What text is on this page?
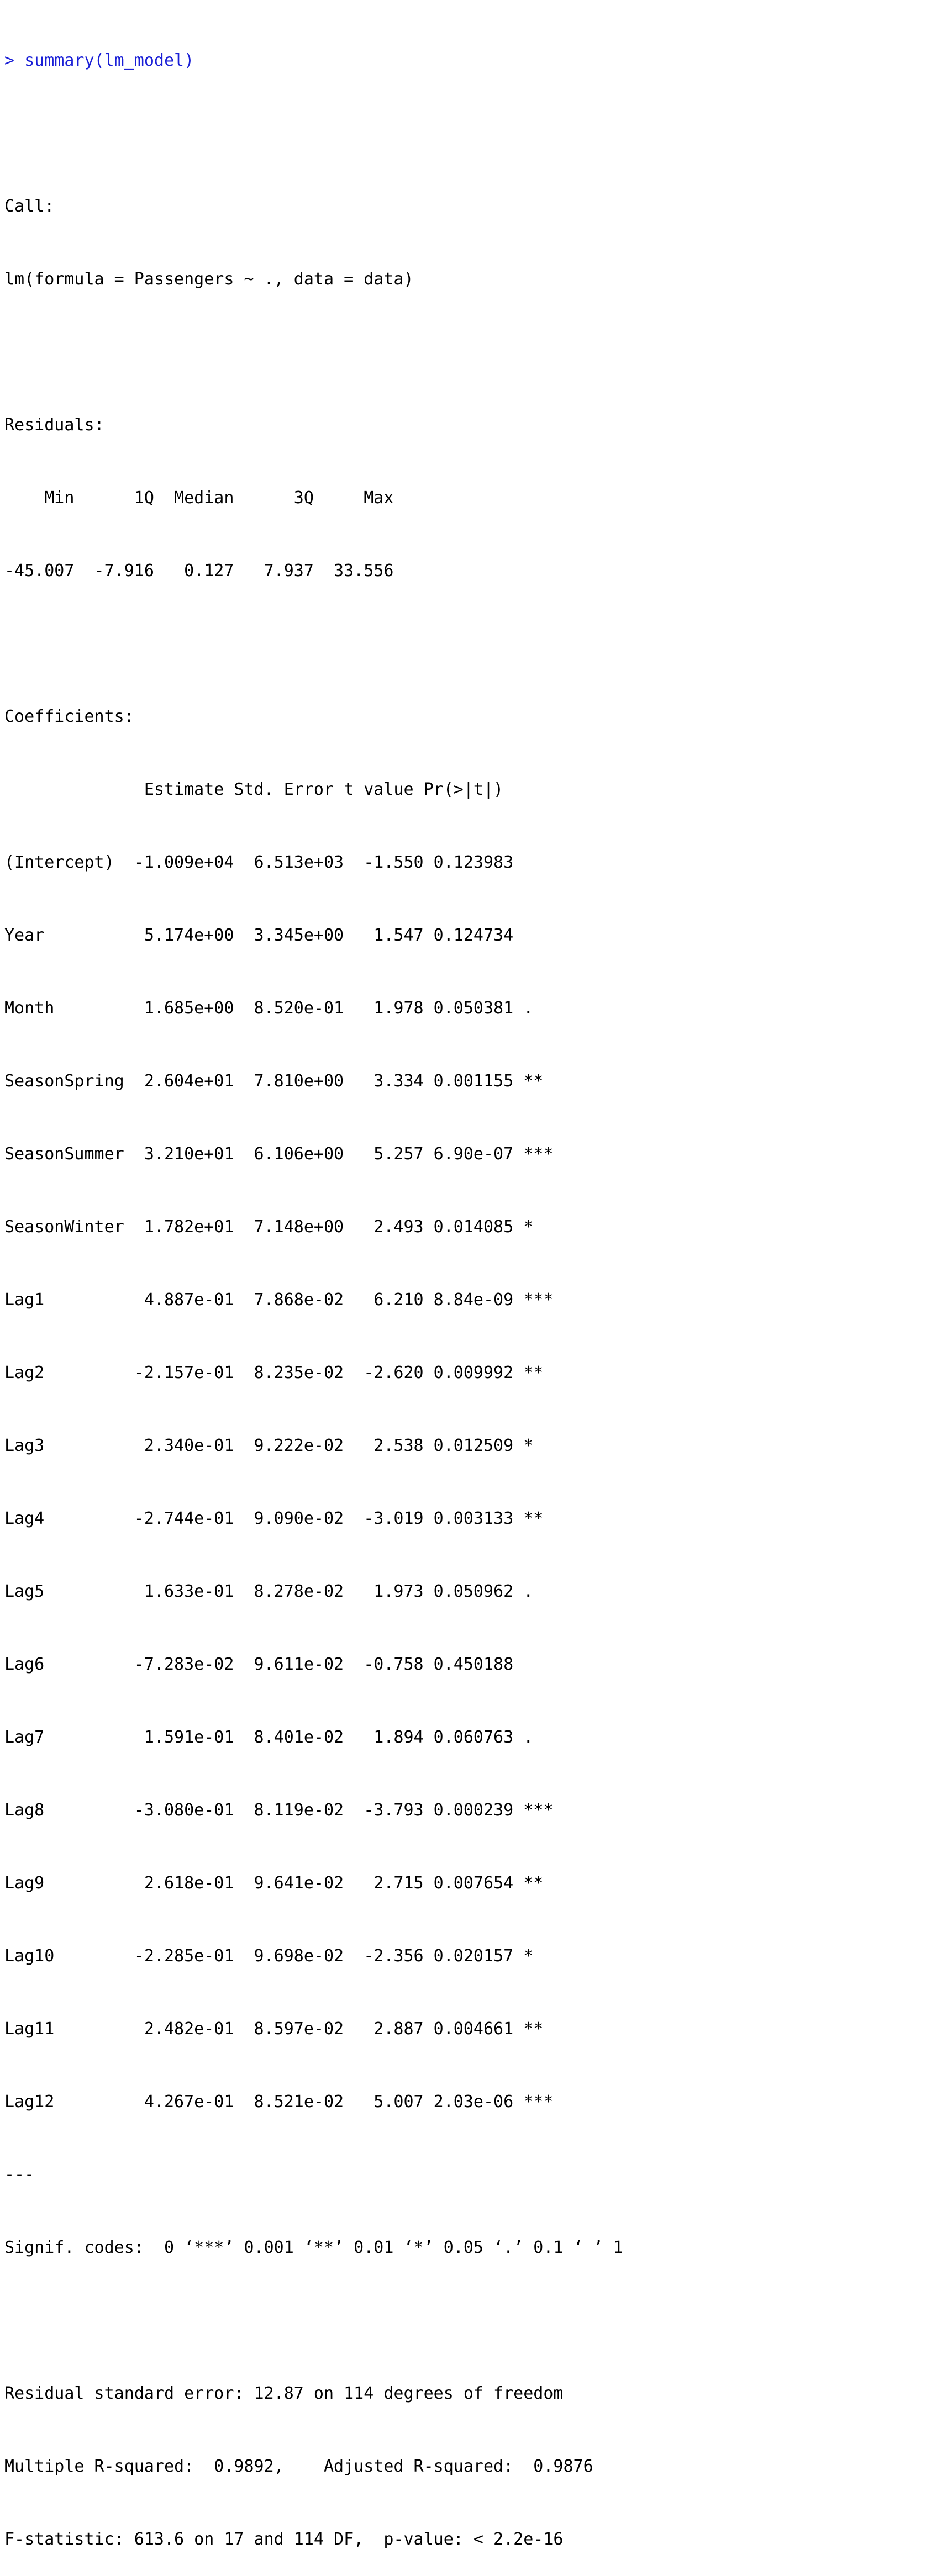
> summary(lm_model)

Call:

lm(formula = Passengers ~ ., data = data)

Residuals:

Min      1Q  Median      3Q     Max

-45.007  -7.916   0.127   7.937  33.556

Coefficients:

Estimate Std. Error t value Pr(>|t|)

(Intercept)  -1.009e+04  6.513e+03  -1.550 0.123983

Year          5.174e+00  3.345e+00   1.547 0.124734

Month         1.685e+00  8.520e-01   1.978 0.050381 .

SeasonSpring  2.604e+01  7.810e+00   3.334 0.001155 **

SeasonSummer  3.210e+01  6.106e+00   5.257 6.90e-07 ***

SeasonWinter  1.782e+01  7.148e+00   2.493 0.014085 *

Lag1          4.887e-01  7.868e-02   6.210 8.84e-09 ***

Lag2         -2.157e-01  8.235e-02  -2.620 0.009992 **

Lag3          2.340e-01  9.222e-02   2.538 0.012509 *

Lag4         -2.744e-01  9.090e-02  -3.019 0.003133 **

Lag5          1.633e-01  8.278e-02   1.973 0.050962 .

Lag6         -7.283e-02  9.611e-02  -0.758 0.450188

Lag7          1.591e-01  8.401e-02   1.894 0.060763 .

Lag8         -3.080e-01  8.119e-02  -3.793 0.000239 ***

Lag9          2.618e-01  9.641e-02   2.715 0.007654 **

Lag10        -2.285e-01  9.698e-02  -2.356 0.020157 *

Lag11         2.482e-01  8.597e-02   2.887 0.004661 **

Lag12         4.267e-01  8.521e-02   5.007 2.03e-06 ***

---

Signif. codes:  0 ‘***’ 0.001 ‘**’ 0.01 ‘*’ 0.05 ‘.’ 0.1 ‘ ’ 1

Residual standard error: 12.87 on 114 degrees of freedom

Multiple R-squared:  0.9892,	Adjusted R-squared:  0.9876

F-statistic: 613.6 on 17 and 114 DF,  p-value: < 2.2e-16
